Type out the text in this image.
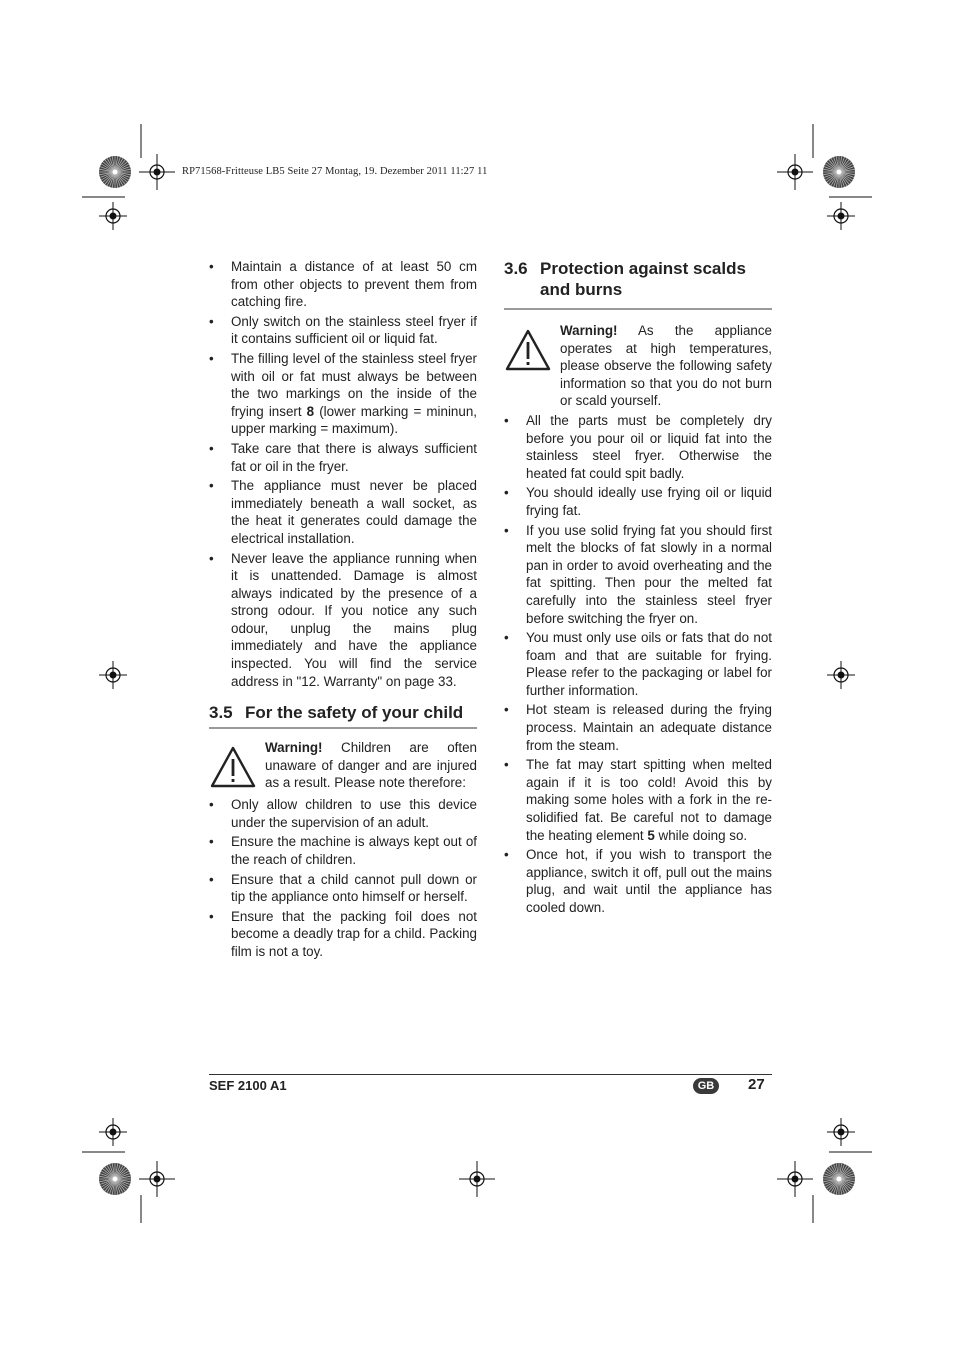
RP71568-Fritteuse LB5 Seite 27 Montag, 19. Dezember 2011 11:27 11
• Maintain a distance of at least 50 cm from other objects to prevent them from catching fire.
• Only switch on the stainless steel fryer if it contains sufficient oil or liquid fat.
• The filling level of the stainless steel fryer with oil or fat must always be between the two markings on the inside of the frying insert 8 (lower marking = mininun, upper marking = maximum).
• Take care that there is always sufficient fat or oil in the fryer.
• The appliance must never be placed immediately beneath a wall socket, as the heat it generates could damage the electrical installation.
• Never leave the appliance running when it is unattended. Damage is almost always indicated by the presence of a strong odour. If you notice any such odour, unplug the mains plug immediately and have the appliance inspected. You will find the service address in "12. Warranty" on page 33.
3.5 For the safety of your child

Warning! Children are often unaware of danger and are injured as a result. Please note therefore:

• Only allow children to use this device under the supervision of an adult.
• Ensure the machine is always kept out of the reach of children.
• Ensure that a child cannot pull down or tip the appliance onto himself or herself.
• Ensure that the packing foil does not become a deadly trap for a child. Packing film is not a toy.
3.6 Protection against scalds and burns

Warning! As the appliance operates at high temperatures, please observe the following safety information so that you do not burn or scald yourself.

• All the parts must be completely dry before you pour oil or liquid fat into the stainless steel fryer. Otherwise the heated fat could spit badly.
• You should ideally use frying oil or liquid frying fat.
• If you use solid frying fat you should first melt the blocks of fat slowly in a normal pan in order to avoid overheating and the fat spitting. Then pour the melted fat carefully into the stainless steel fryer before switching the fryer on.
• You must only use oils or fats that do not foam and that are suitable for frying. Please refer to the packaging or label for further information.
• Hot steam is released during the frying process. Maintain an adequate distance from the steam.
• The fat may start spitting when melted again if it is too cold! Avoid this by making some holes with a fork in the re-solidified fat. Be careful not to damage the heating element 5 while doing so.
• Once hot, if you wish to transport the appliance, switch it off, pull out the mains plug, and wait until the appliance has cooled down.
SEF 2100 A1	GB	27
